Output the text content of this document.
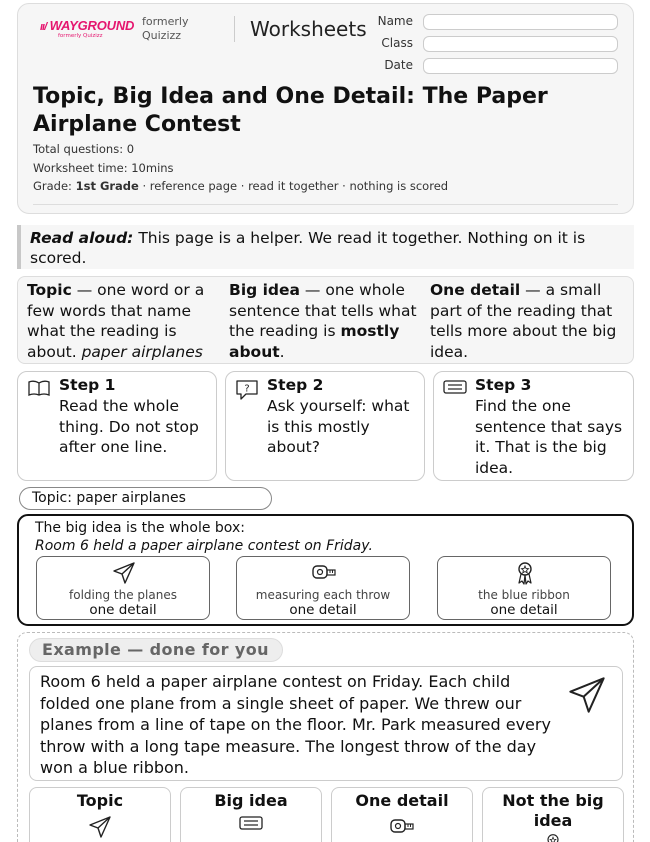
ıı/ WAYGROUND
formerly Quizizz
formerly
Quizizz	Worksheets Name
Class
Date
Topic, Big Idea and One Detail: The Paper Airplane Contest
Total questions: 0
Worksheet time: 10mins
Grade: 1st Grade · reference page · read it together · nothing is scored
Read aloud: This page is a helper. We read it together. Nothing on it is scored.
Topic — one word or a few words that name what the reading is about. paper airplanes
Big idea — one whole sentence that tells what the reading is mostly about.
One detail — a small part of the reading that tells more about the big idea.
Step 1
Read the whole thing. Do not stop after one line.
? Step 2
Ask yourself: what is this mostly about?
Step 3
Find the one sentence that says it. That is the big idea.
Topic: paper airplanes
The big idea is the whole box:
Room 6 held a paper airplane contest on Friday.
folding the planes
one detail
measuring each throw
one detail
the blue ribbon
one detail
Example — done for you
Room 6 held a paper airplane contest on Friday. Each child folded one plane from a single sheet of paper. We threw our planes from a line of tape on the floor. Mr. Park measured every throw with a long tape measure. The longest throw of the day won a blue ribbon.
Topic	Big idea	One detail	Not the big idea
